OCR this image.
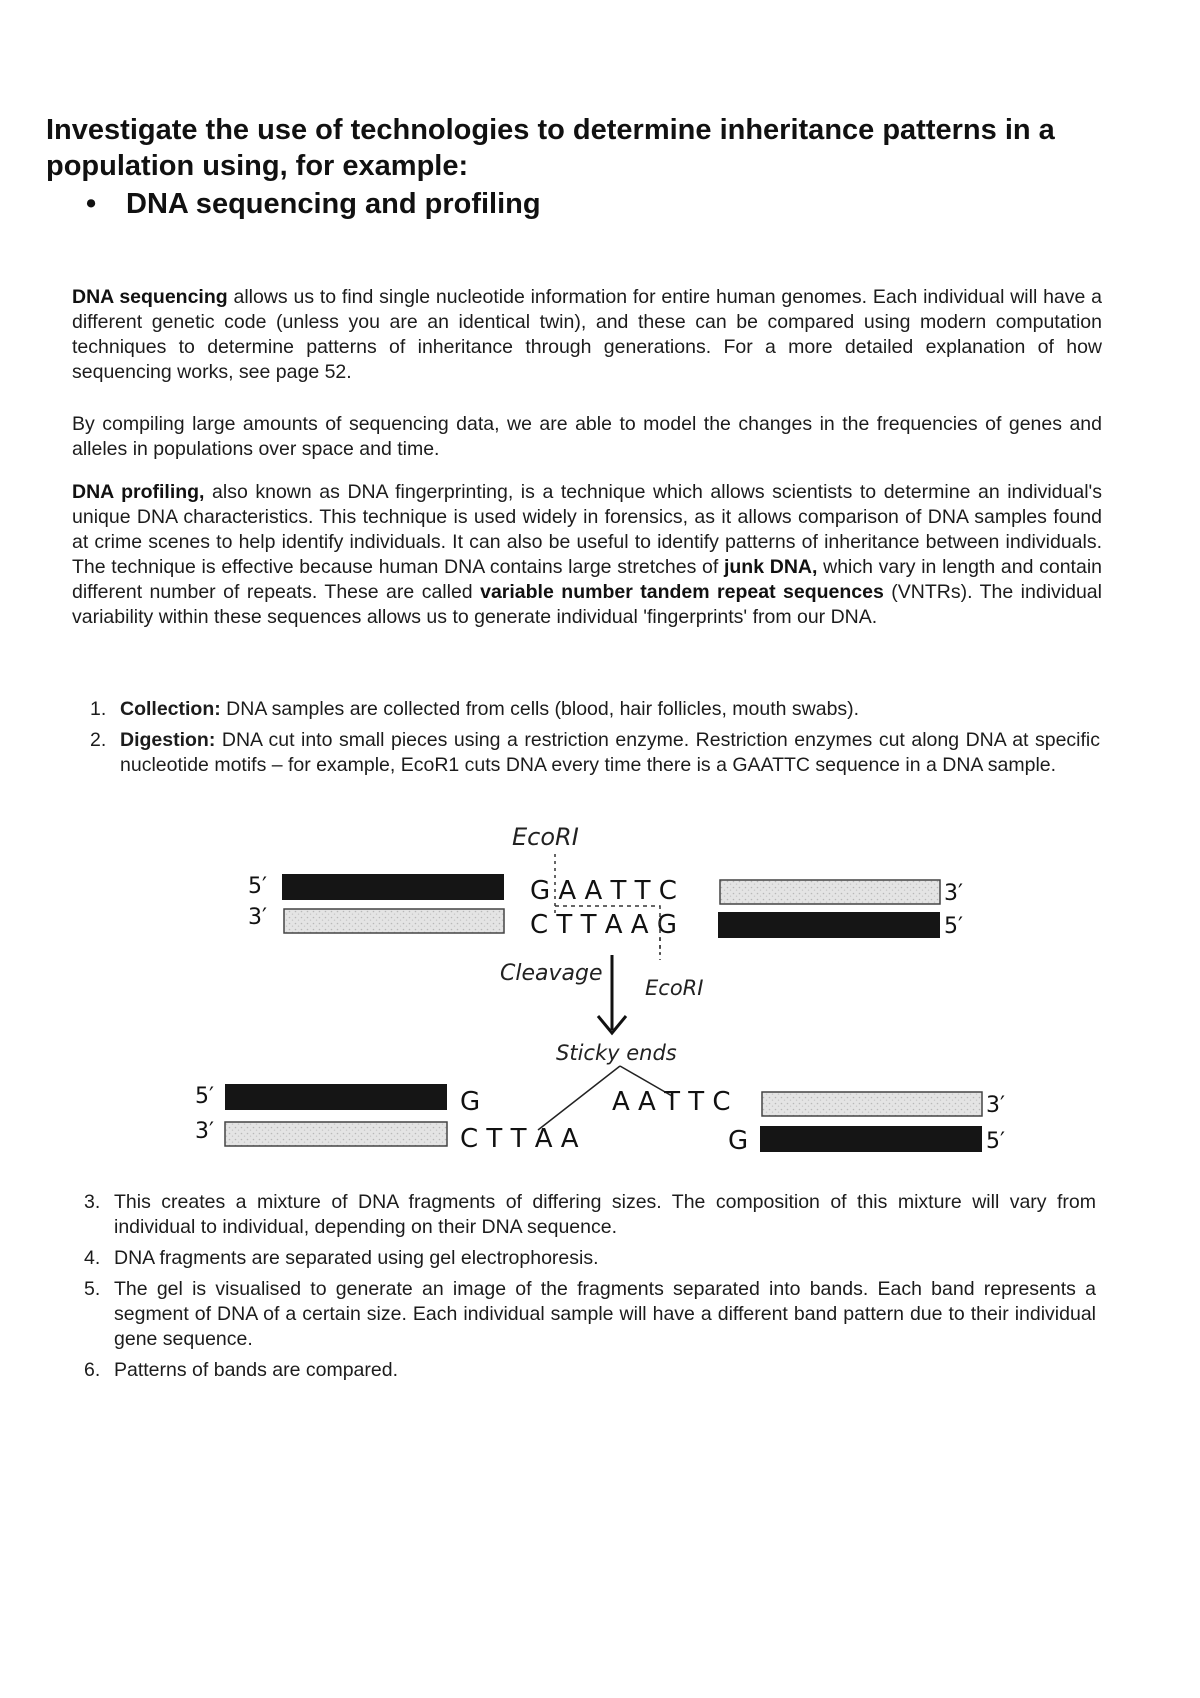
Investigate the use of technologies to determine inheritance patterns in a
population using, for example:
•	DNA sequencing and profiling
DNA sequencing allows us to find single nucleotide information for entire human genomes. Each individual will have a different genetic code (unless you are an identical twin), and these can be compared using modern computation techniques to determine patterns of inheritance through generations. For a more detailed explanation of how sequencing works, see page 52.
By compiling large amounts of sequencing data, we are able to model the changes in the frequencies of genes and alleles in populations over space and time.
DNA profiling, also known as DNA fingerprinting, is a technique which allows scientists to determine an individual's unique DNA characteristics. This technique is used widely in forensics, as it allows comparison of DNA samples found at crime scenes to help identify individuals. It can also be useful to identify patterns of inheritance between individuals. The technique is effective because human DNA contains large stretches of junk DNA, which vary in length and contain different number of repeats. These are called variable number tandem repeat sequences (VNTRs). The individual variability within these sequences allows us to generate individual 'fingerprints' from our DNA.
1. Collection: DNA samples are collected from cells (blood, hair follicles, mouth swabs).
2. Digestion: DNA cut into small pieces using a restriction enzyme. Restriction enzymes cut along DNA at specific nucleotide motifs – for example, EcoR1 cuts DNA every time there is a GAATTC sequence in a DNA sample.
EcoRI
5′	G A A T T C	3′
3′	C T T A A G	5′
Cleavage
EcoRI
Sticky ends
5′	G
3′	C T T A A
A A T T C	3′
G	5′
3. This creates a mixture of DNA fragments of differing sizes. The composition of this mixture will vary from individual to individual, depending on their DNA sequence.
4. DNA fragments are separated using gel electrophoresis.
5. The gel is visualised to generate an image of the fragments separated into bands. Each band represents a segment of DNA of a certain size. Each individual sample will have a different band pattern due to their individual gene sequence.
6. Patterns of bands are compared.
